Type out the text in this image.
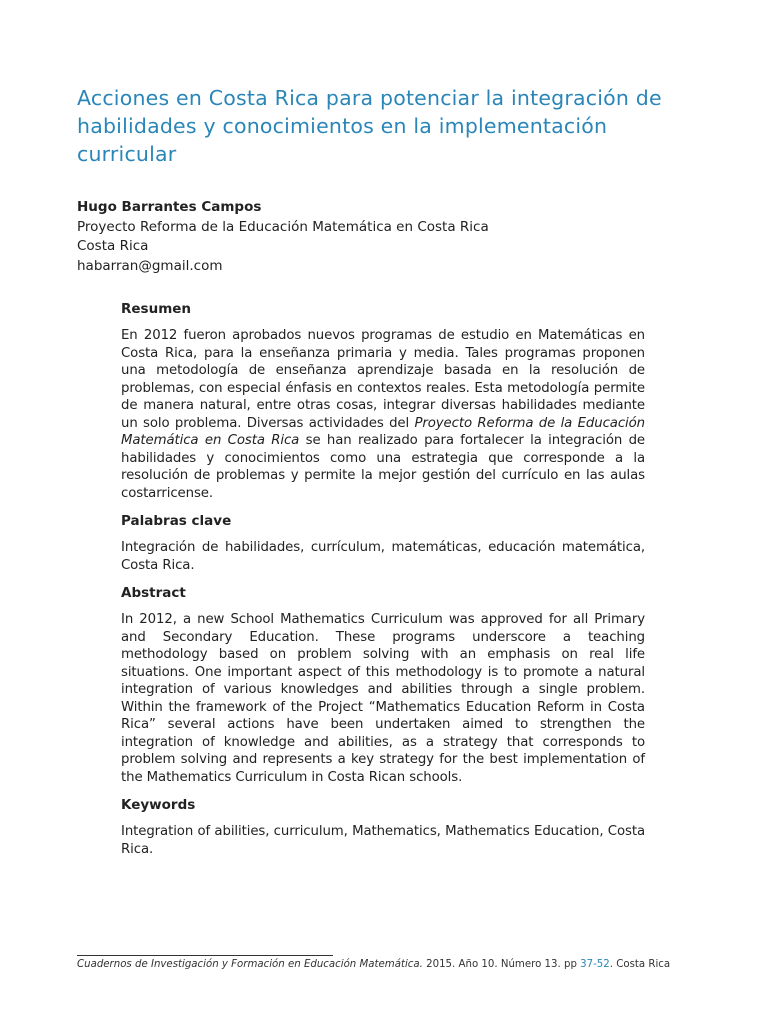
Acciones en Costa Rica para potenciar la integración de habilidades y conocimientos en la implementación curricular
Hugo Barrantes Campos
Proyecto Reforma de la Educación Matemática en Costa Rica
Costa Rica
habarran@gmail.com
Resumen

En 2012 fueron aprobados nuevos programas de estudio en Matemáticas en Costa Rica, para la enseñanza primaria y media. Tales programas proponen una metodología de enseñanza aprendizaje basada en la resolución de problemas, con especial énfasis en contextos reales. Esta metodología permite de manera natural, entre otras cosas, integrar diversas habilidades mediante un solo problema. Diversas actividades del Proyecto Reforma de la Educación Matemática en Costa Rica se han realizado para fortalecer la integración de habilidades y conocimientos como una estrategia que corresponde a la resolución de problemas y permite la mejor gestión del currículo en las aulas costarricense.

Palabras clave

Integración de habilidades, currículum, matemáticas, educación matemática, Costa Rica.

Abstract

In 2012, a new School Mathematics Curriculum was approved for all Primary and Secondary Education. These programs underscore a teaching methodology based on problem solving with an emphasis on real life situations. One important aspect of this methodology is to promote a natural integration of various knowledges and abilities through a single problem. Within the framework of the Project “Mathematics Education Reform in Costa Rica” several actions have been undertaken aimed to strengthen the integration of knowledge and abilities, as a strategy that corresponds to problem solving and represents a key strategy for the best implementation of the Mathematics Curriculum in Costa Rican schools.

Keywords

Integration of abilities, curriculum, Mathematics, Mathematics Education, Costa Rica.

Cuadernos de Investigación y Formación en Educación Matemática. 2015. Año 10. Número 13. pp 37-52. Costa Rica
